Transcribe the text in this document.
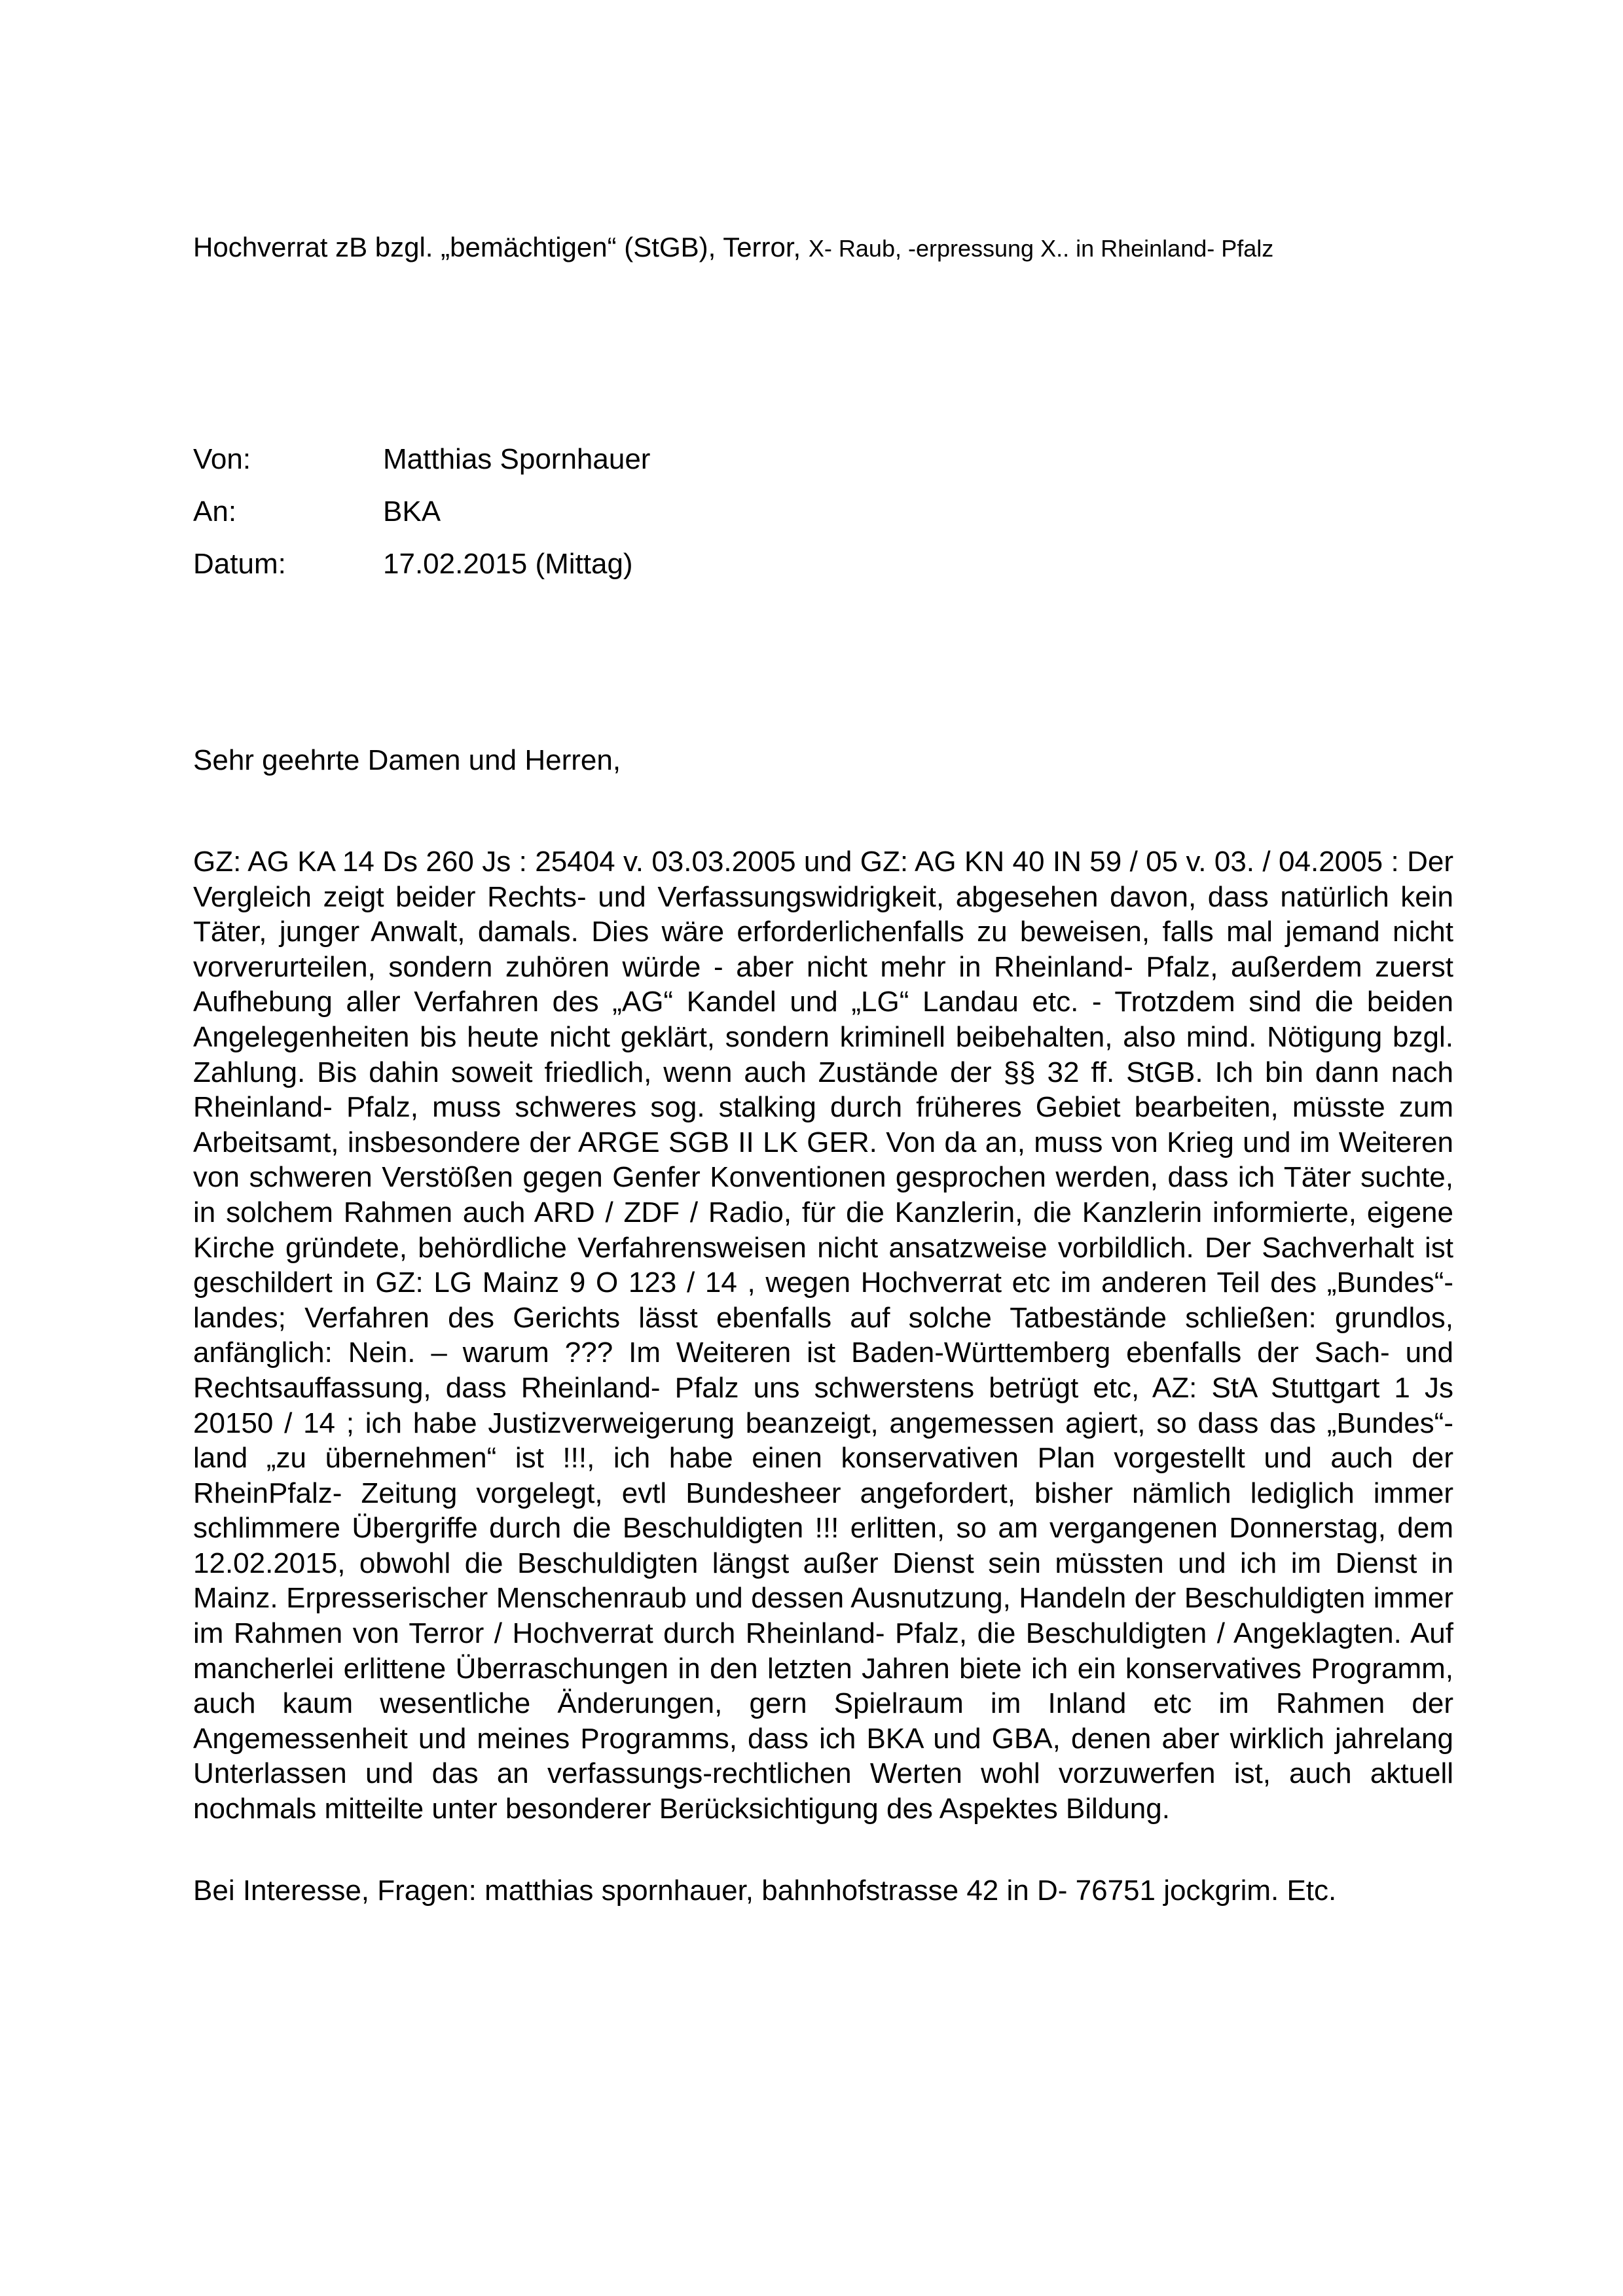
Hochverrat zB bzgl. „bemächtigen“ (StGB), Terror, X- Raub, -erpressung X.. in Rheinland- Pfalz
Von:	Matthias Spornhauer
An:	BKA
Datum:	17.02.2015 (Mittag)
Sehr geehrte Damen und Herren,
GZ: AG KA 14 Ds 260 Js : 25404 v. 03.03.2005 und GZ: AG KN 40 IN 59 / 05 v. 03. / 04.2005 : Der Vergleich zeigt beider Rechts- und Verfassungswidrigkeit, abgesehen davon, dass natürlich kein Täter, junger Anwalt, damals. Dies wäre erforderlichenfalls zu beweisen, falls mal jemand nicht vorverurteilen, sondern zuhören würde - aber nicht mehr in Rheinland- Pfalz, außerdem zuerst Aufhebung aller Verfahren des „AG“ Kandel und „LG“ Landau etc. - Trotzdem sind die beiden Angelegenheiten bis heute nicht geklärt, sondern kriminell beibehalten, also mind. Nötigung bzgl. Zahlung. Bis dahin soweit friedlich, wenn auch Zustände der §§ 32 ff. StGB. Ich bin dann nach Rheinland- Pfalz, muss schweres sog. stalking durch früheres Gebiet bearbeiten, müsste zum Arbeitsamt, insbesondere der ARGE SGB II LK GER. Von da an, muss von Krieg und im Weiteren von schweren Verstößen gegen Genfer Konventionen gesprochen werden, dass ich Täter suchte, in solchem Rahmen auch ARD / ZDF / Radio, für die Kanzlerin, die Kanzlerin informierte, eigene Kirche gründete, behördliche Verfahrensweisen nicht ansatzweise vorbildlich. Der Sachverhalt ist geschildert in GZ: LG Mainz 9 O 123 / 14 , wegen Hochverrat etc im anderen Teil des „Bundes“-landes; Verfahren des Gerichts lässt ebenfalls auf solche Tatbestände schließen: grundlos, anfänglich: Nein. – warum ??? Im Weiteren ist Baden-Württemberg ebenfalls der Sach- und Rechtsauffassung, dass Rheinland- Pfalz uns schwerstens betrügt etc, AZ: StA Stuttgart 1 Js 20150 / 14 ; ich habe Justizverweigerung beanzeigt, angemessen agiert, so dass das „Bundes“-land „zu übernehmen“ ist !!!, ich habe einen konservativen Plan vorgestellt und auch der RheinPfalz- Zeitung vorgelegt, evtl Bundesheer angefordert, bisher nämlich lediglich immer schlimmere Übergriffe durch die Beschuldigten !!! erlitten, so am vergangenen Donnerstag, dem 12.02.2015, obwohl die Beschuldigten längst außer Dienst sein müssten und ich im Dienst in Mainz. Erpresserischer Menschenraub und dessen Ausnutzung, Handeln der Beschuldigten immer im Rahmen von Terror / Hochverrat durch Rheinland- Pfalz, die Beschuldigten / Angeklagten. Auf mancherlei erlittene Überraschungen in den letzten Jahren biete ich ein konservatives Programm, auch kaum wesentliche Änderungen, gern Spielraum im Inland etc im Rahmen der Angemessenheit und meines Programms, dass ich BKA und GBA, denen aber wirklich jahrelang Unterlassen und das an verfassungs-rechtlichen Werten wohl vorzuwerfen ist, auch aktuell nochmals mitteilte unter besonderer Berücksichtigung des Aspektes Bildung.
Bei Interesse, Fragen: matthias spornhauer, bahnhofstrasse 42 in D- 76751 jockgrim. Etc.
